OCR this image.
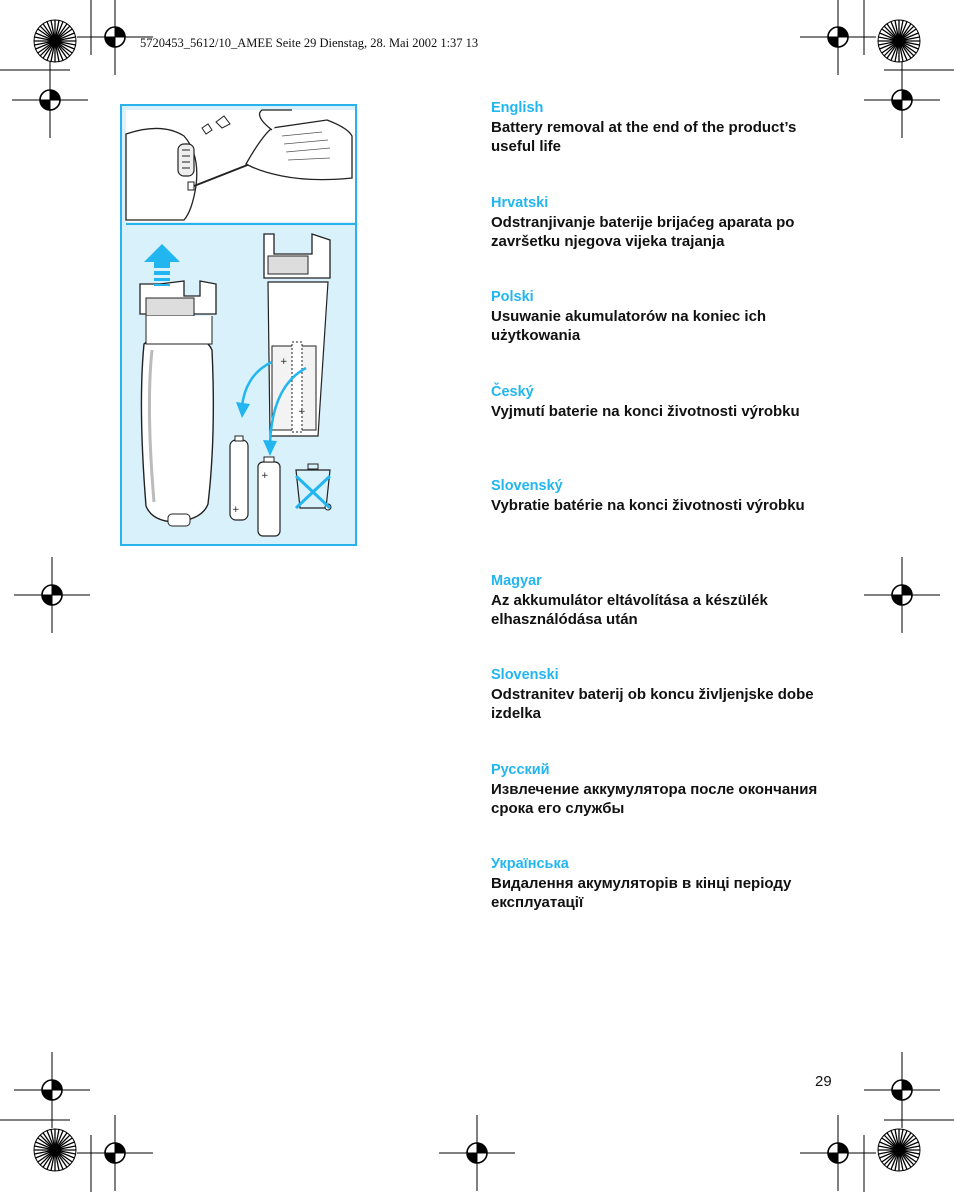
5720453_5612/10_AMEE Seite 29 Dienstag, 28. Mai 2002 1:37 13
+
+
+
+
English
Battery removal at the end of the product’s useful life
Hrvatski
Odstranjivanje baterije brijaćeg aparata po završetku njegova vijeka trajanja
Polski
Usuwanie akumulatorów na koniec ich użytkowania
Český
Vyjmutí baterie na konci životnosti výrobku
Slovenský
Vybratie batérie na konci životnosti výrobku
Magyar
Az akkumulátor eltávolítása a készülék elhasználódása után
Slovenski
Odstranitev baterij ob koncu življenjske dobe izdelka
Русский
Извлечение аккумулятора после окончания срока его службы
Українська
Видалення акумуляторів в кінці періоду експлуатації
29
